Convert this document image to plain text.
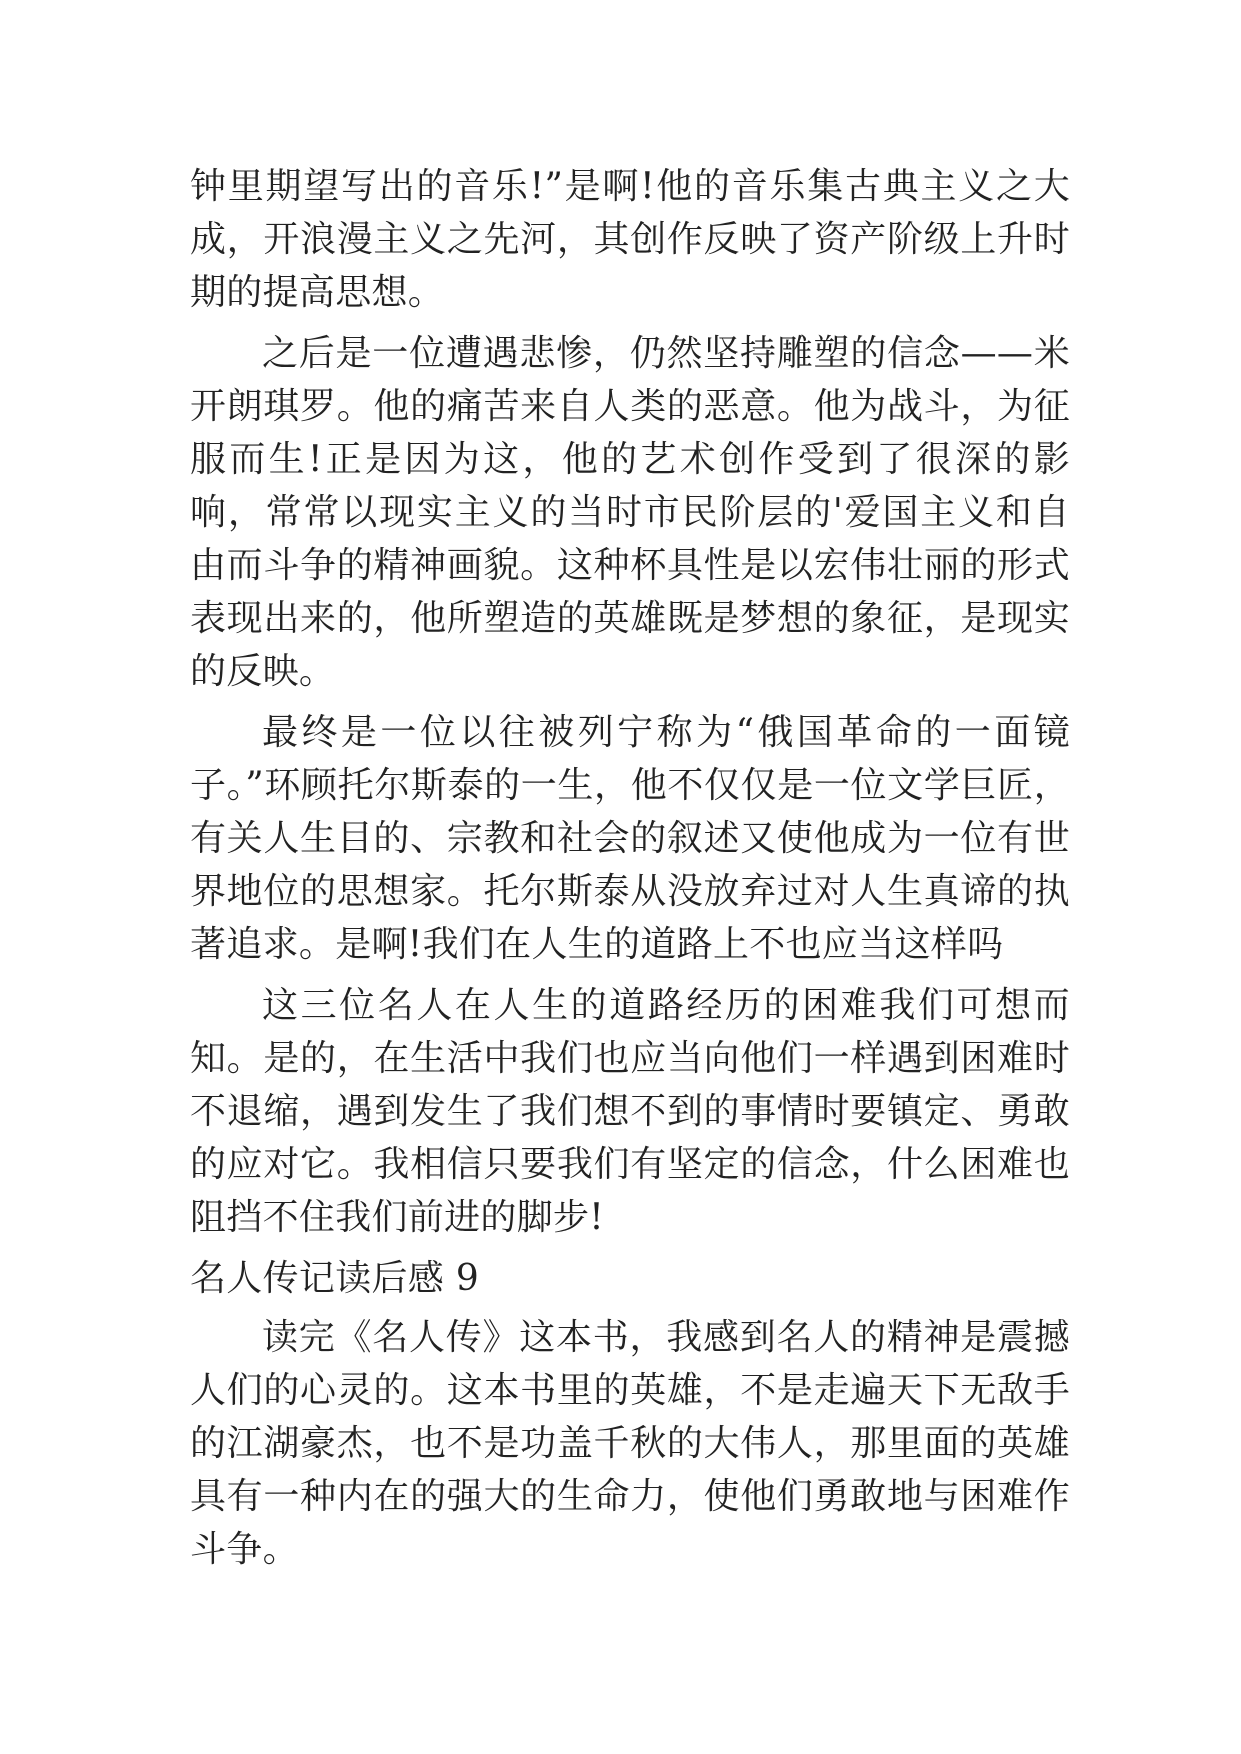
钟里期望写出的音乐!”是啊!他的音乐集古典主义之大成，开浪漫主义之先河，其创作反映了资产阶级上升时期的提高思想。

之后是一位遭遇悲惨，仍然坚持雕塑的信念——米开朗琪罗。他的痛苦来自人类的恶意。他为战斗，为征服而生!正是因为这，他的艺术创作受到了很深的影响，常常以现实主义的当时市民阶层的'爱国主义和自由而斗争的精神画貌。这种杯具性是以宏伟壮丽的形式表现出来的，他所塑造的英雄既是梦想的象征，是现实的反映。

最终是一位以往被列宁称为“俄国革命的一面镜子。”环顾托尔斯泰的一生，他不仅仅是一位文学巨匠，有关人生目的、宗教和社会的叙述又使他成为一位有世界地位的思想家。托尔斯泰从没放弃过对人生真谛的执著追求。是啊!我们在人生的道路上不也应当这样吗

这三位名人在人生的道路经历的困难我们可想而知。是的，在生活中我们也应当向他们一样遇到困难时不退缩，遇到发生了我们想不到的事情时要镇定、勇敢的应对它。我相信只要我们有坚定的信念，什么困难也阻挡不住我们前进的脚步!

名人传记读后感 9

读完《名人传》这本书，我感到名人的精神是震撼人们的心灵的。这本书里的英雄，不是走遍天下无敌手的江湖豪杰，也不是功盖千秋的大伟人，那里面的英雄具有一种内在的强大的生命力，使他们勇敢地与困难作斗争。
